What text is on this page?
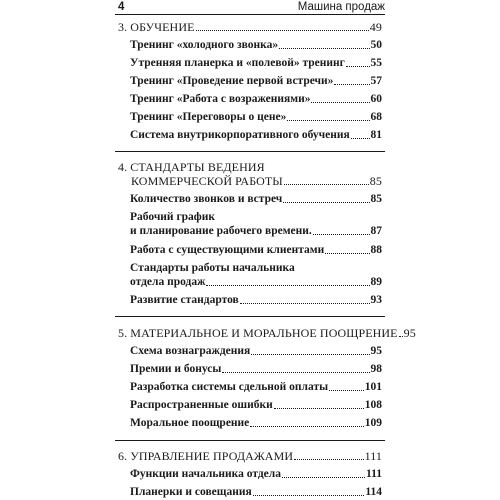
4	Машина продаж
3. ОБУЧЕНИЕ	49
Тренинг «холодного звонка»	50
Утренняя планерка и «полевой» тренинг 55
Тренинг «Проведение первой встречи»	57
Тренинг «Работа с возражениями»	60
Тренинг «Переговоры о цене»	68
Система внутрикорпоративного обучения 81
4. СТАНДАРТЫ ВЕДЕНИЯ
КОММЕРЧЕСКОЙ РАБОТЫ	85
Количество звонков и встреч	85
Рабочий график
и планирование рабочего времени.	87
Работа с существующими клиентами	88
Стандарты работы начальника
отдела продаж	89
Развитие стандартов	93
5. МАТЕРИАЛЬНОЕ И МОРАЛЬНОЕ ПООЩРЕНИЕ 95
Схема вознаграждения	95
Премии и бонусы	98
Разработка системы сдельной оплаты	101
Распространенные ошибки	108
Моральное поощрение	109
6. УПРАВЛЕНИЕ ПРОДАЖАМИ	111
Функции начальника отдела	111
Планерки и совещания	114
